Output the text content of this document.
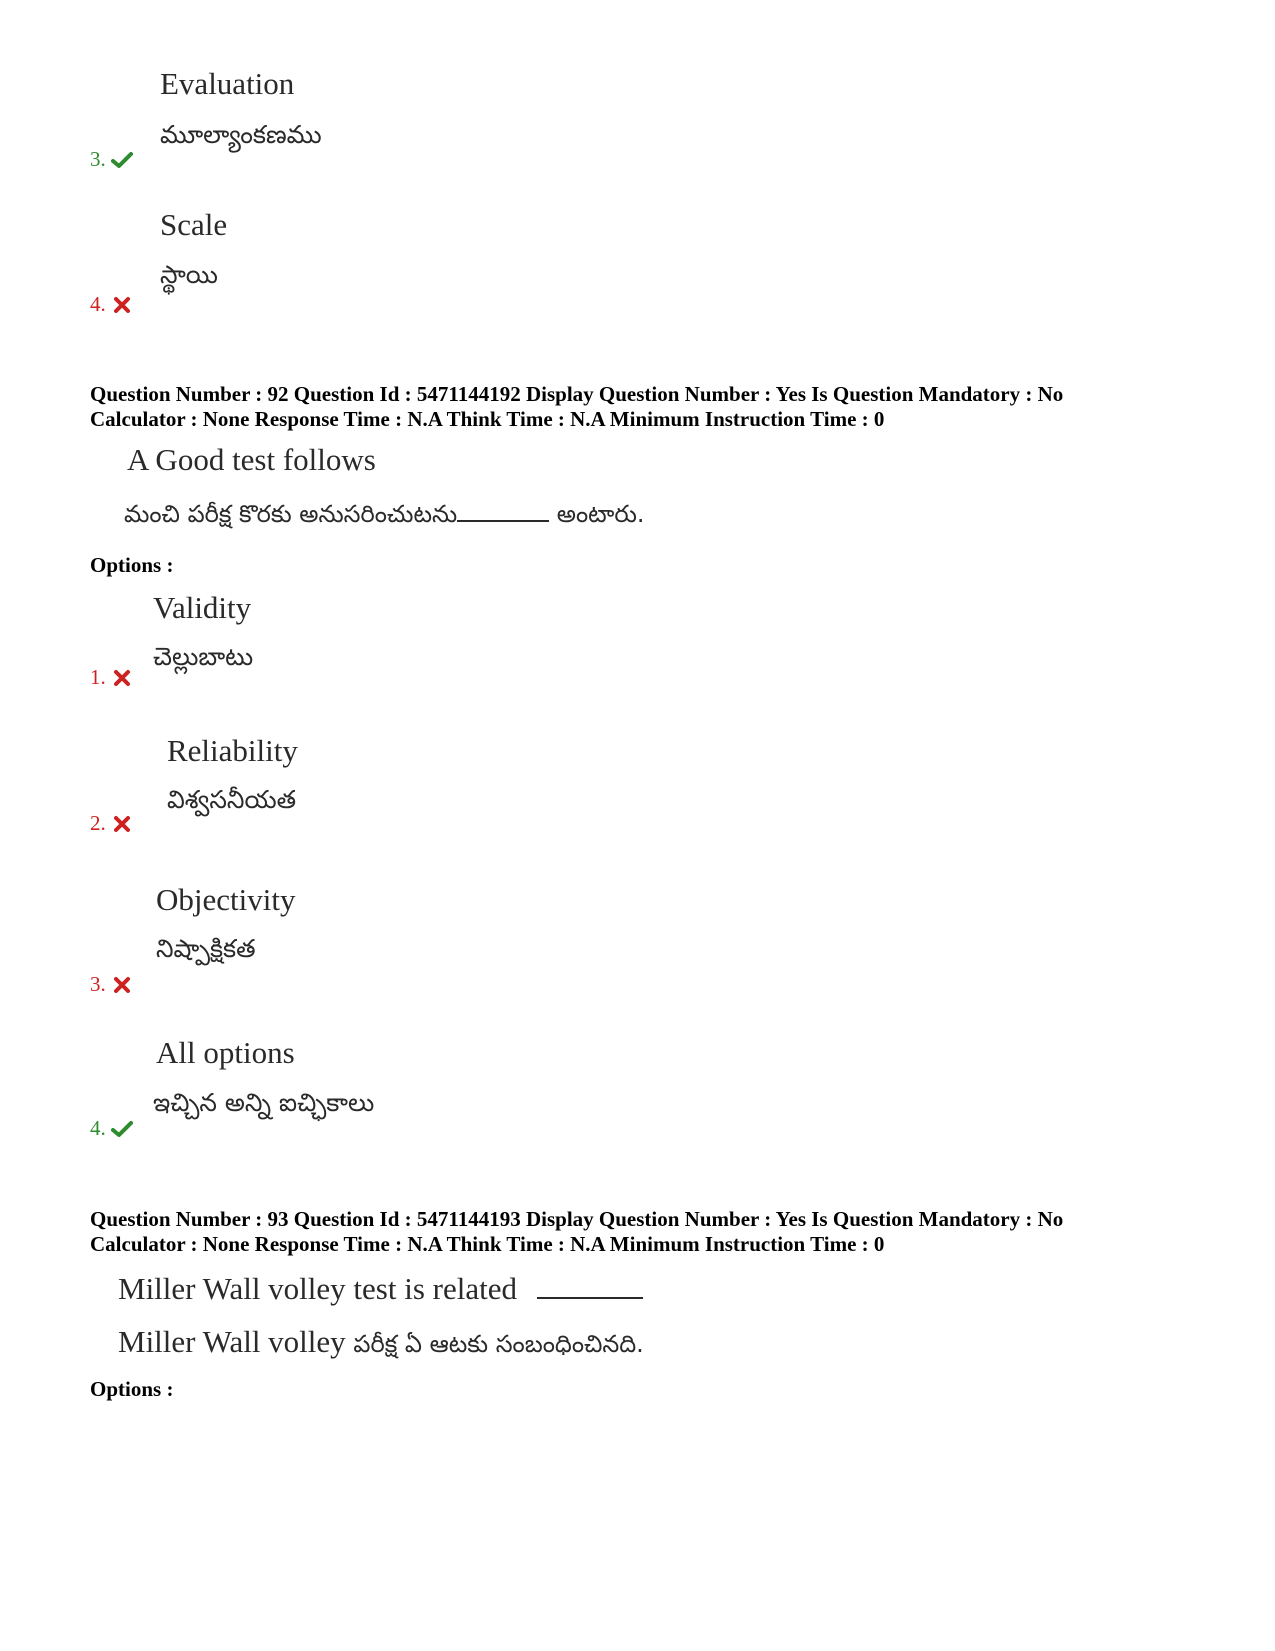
Evaluation
మూల్యాంకణము
3.
Scale
స్థాయి
4.
Question Number : 92 Question Id : 5471144192 Display Question Number : Yes Is Question Mandatory : No
Calculator : None Response Time : N.A Think Time : N.A Minimum Instruction Time : 0
A Good test follows
మంచి పరీక్ష కొరకు అనుసరించుటను	అంటారు.
Options :
Validity
చెల్లుబాటు
1.
Reliability
విశ్వసనీయత
2.
Objectivity
నిష్పాక్షికత
3.
All options
ఇచ్చిన అన్ని ఐచ్ఛికాలు
4.
Question Number : 93 Question Id : 5471144193 Display Question Number : Yes Is Question Mandatory : No
Calculator : None Response Time : N.A Think Time : N.A Minimum Instruction Time : 0
Miller Wall volley test is related
Miller Wall volley పరీక్ష ఏ ఆటకు సంబంధించినది.
Options :
